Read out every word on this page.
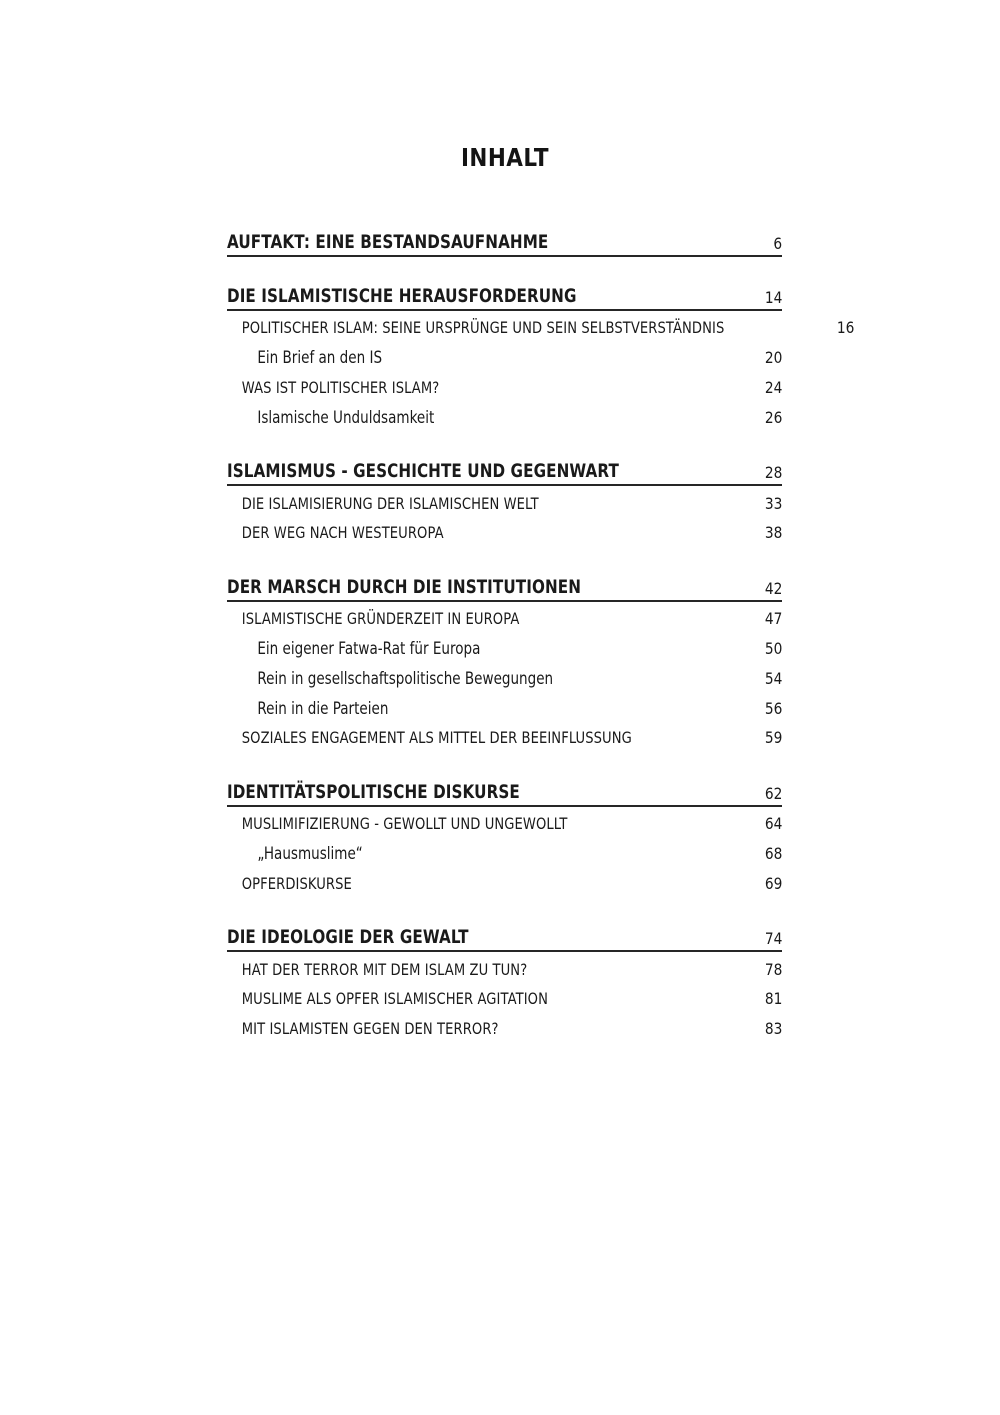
INHALT
AUFTAKT: EINE BESTANDSAUFNAHME	6
DIE ISLAMISTISCHE HERAUSFORDERUNG	14
POLITISCHER ISLAM: SEINE URSPRÜNGE UND SEIN SELBSTVERSTÄNDNIS	16
Ein Brief an den IS	20
WAS IST POLITISCHER ISLAM?	24
Islamische Unduldsamkeit	26
ISLAMISMUS - GESCHICHTE UND GEGENWART	28
DIE ISLAMISIERUNG DER ISLAMISCHEN WELT	33
DER WEG NACH WESTEUROPA	38
DER MARSCH DURCH DIE INSTITUTIONEN	42
ISLAMISTISCHE GRÜNDERZEIT IN EUROPA	47
Ein eigener Fatwa-Rat für Europa	50
Rein in gesellschaftspolitische Bewegungen	54
Rein in die Parteien	56
SOZIALES ENGAGEMENT ALS MITTEL DER BEEINFLUSSUNG	59
IDENTITÄTSPOLITISCHE DISKURSE	62
MUSLIMIFIZIERUNG - GEWOLLT UND UNGEWOLLT	64
„Hausmuslime“	68
OPFERDISKURSE	69
DIE IDEOLOGIE DER GEWALT	74
HAT DER TERROR MIT DEM ISLAM ZU TUN?	78
MUSLIME ALS OPFER ISLAMISCHER AGITATION	81
MIT ISLAMISTEN GEGEN DEN TERROR?	83
